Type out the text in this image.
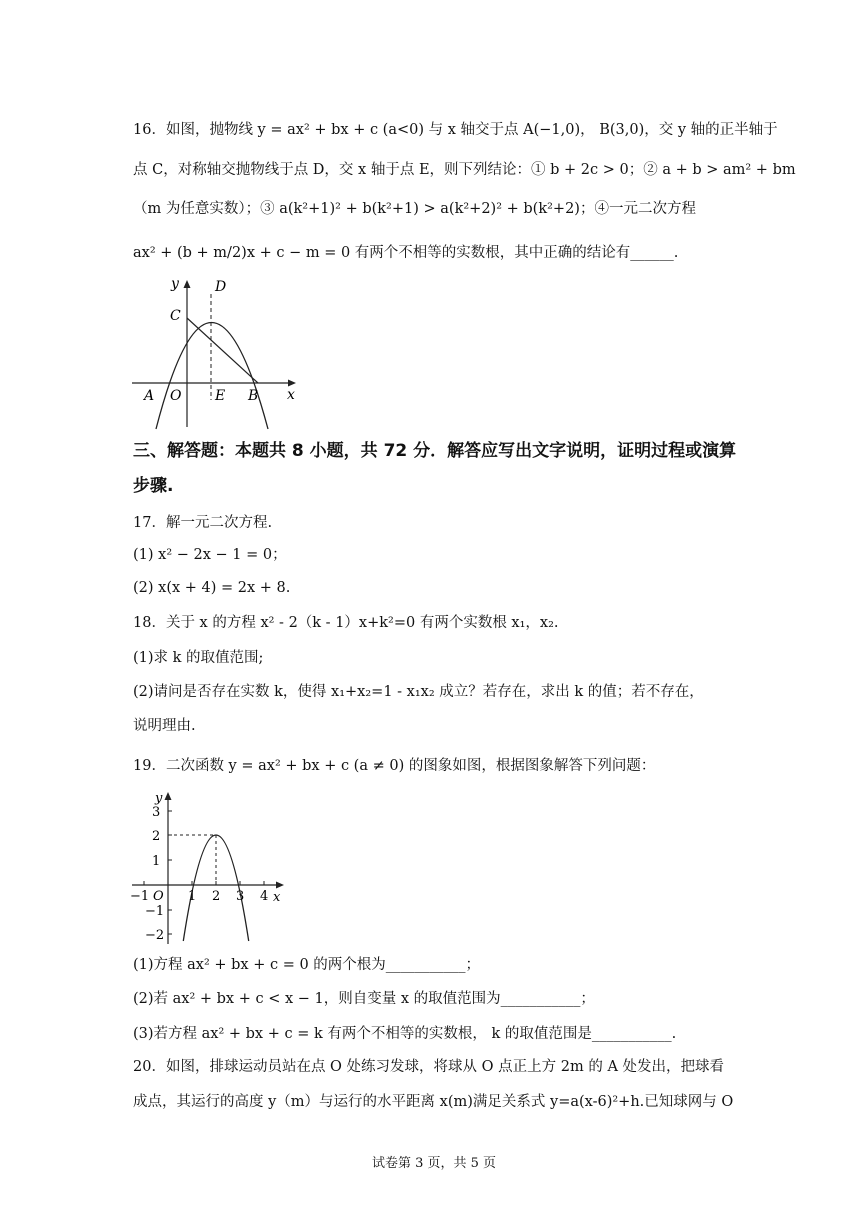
16．如图，抛物线 y = ax² + bx + c (a<0) 与 x 轴交于点 A(−1,0)， B(3,0)，交 y 轴的正半轴于
点 C，对称轴交抛物线于点 D，交 x 轴于点 E，则下列结论：① b + 2c > 0；② a + b > am² + bm
（m 为任意实数）；③ a(k²+1)² + b(k²+1) > a(k²+2)² + b(k²+2)；④一元二次方程
ax² + (b + m/2)x + c − m = 0 有两个不相等的实数根，其中正确的结论有______.
y	D
C
A O E B x
三、解答题：本题共 8 小题，共 72 分．解答应写出文字说明，证明过程或演算
步骤.
17．解一元二次方程.
(1) x² − 2x − 1 = 0；
(2) x(x + 4) = 2x + 8.
18．关于 x 的方程 x² - 2（k - 1）x+k²=0 有两个实数根 x₁，x₂.
(1)求 k 的取值范围;
(2)请问是否存在实数 k，使得 x₁+x₂=1 - x₁x₂ 成立？若存在，求出 k 的值；若不存在，
说明理由.
19．二次函数 y = ax² + bx + c (a ≠ 0) 的图象如图，根据图象解答下列问题：
y
x
O
3
2
1
−1
−2
−1	1 2 3 4
(1)方程 ax² + bx + c = 0 的两个根为___________；
(2)若 ax² + bx + c < x − 1，则自变量 x 的取值范围为___________；
(3)若方程 ax² + bx + c = k 有两个不相等的实数根， k 的取值范围是___________.
20．如图，排球运动员站在点 O 处练习发球，将球从 O 点正上方 2m 的 A 处发出，把球看
成点，其运行的高度 y（m）与运行的水平距离 x(m)满足关系式 y=a(x-6)²+h.已知球网与 O
试卷第 3 页，共 5 页
